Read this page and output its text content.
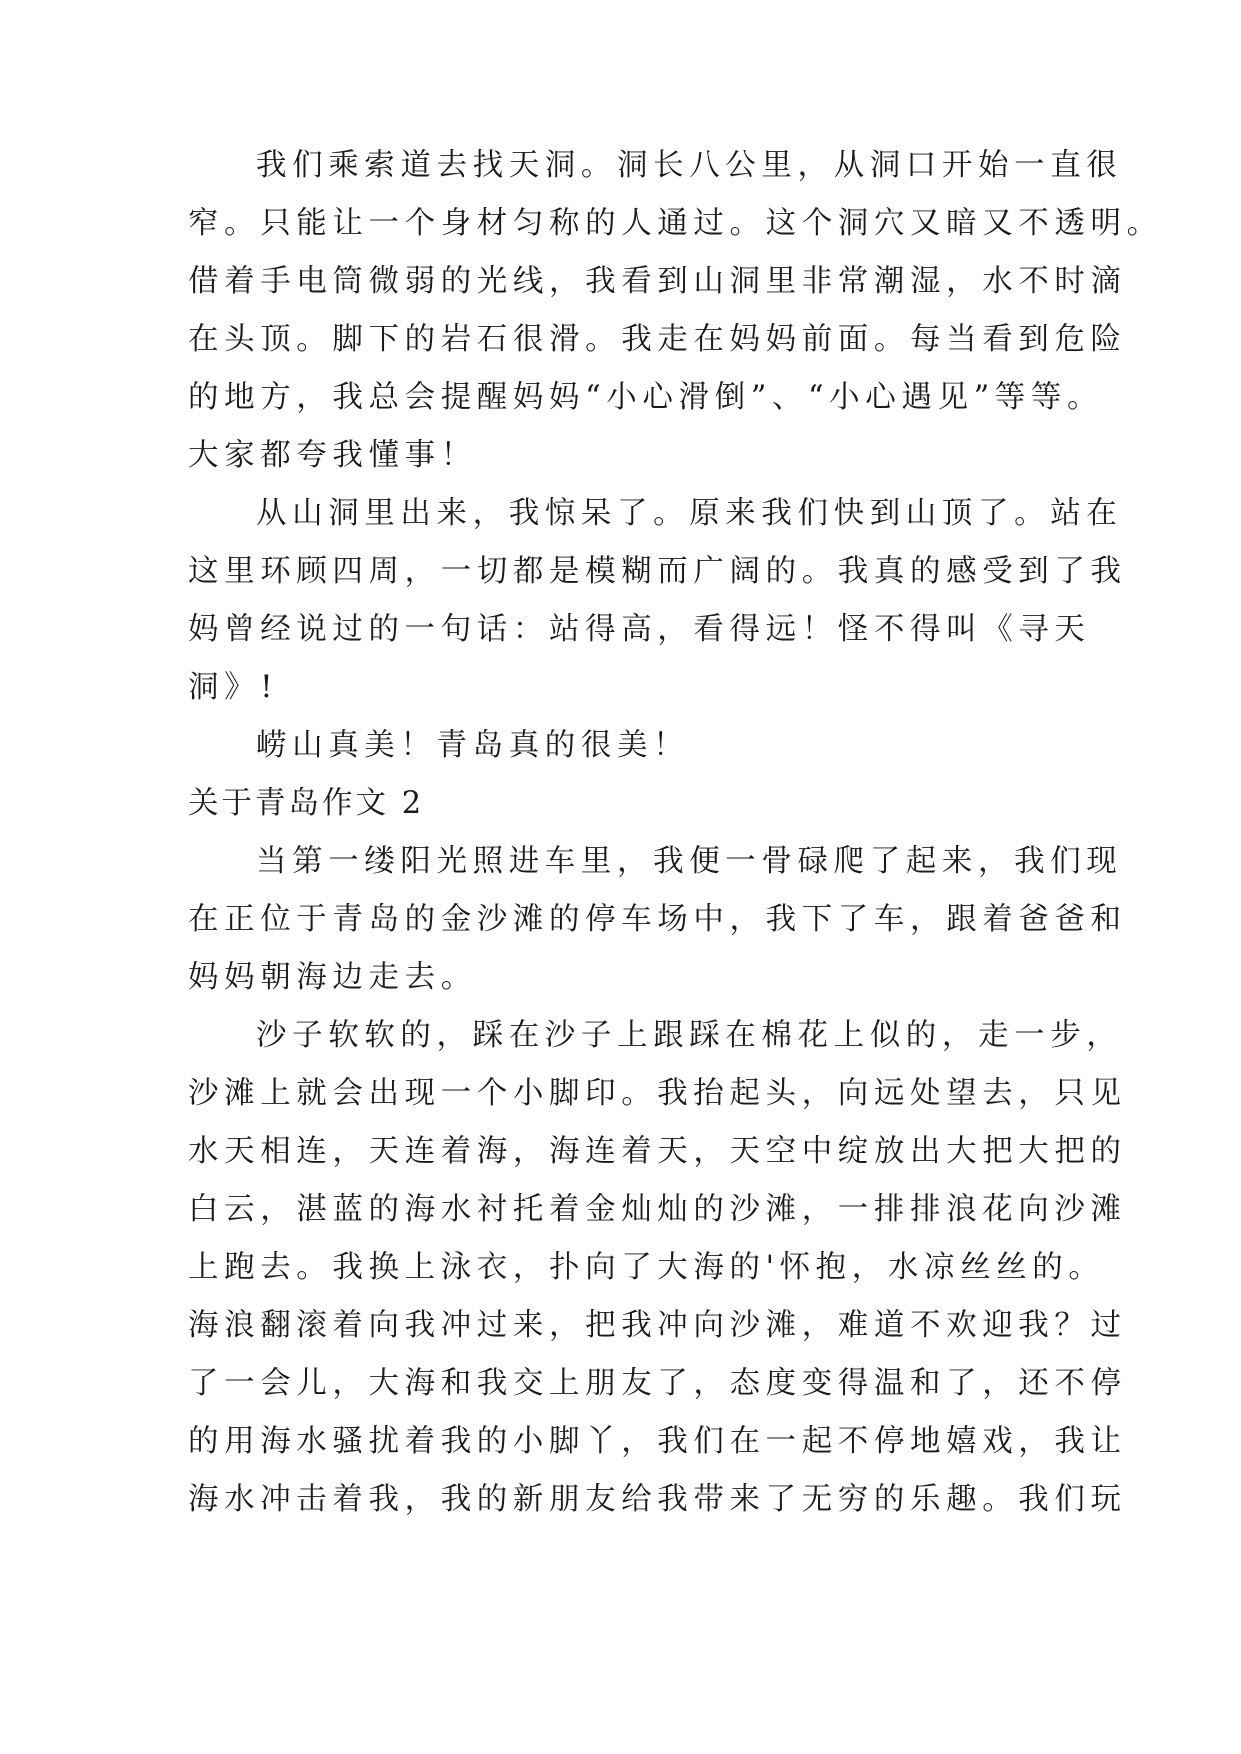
我们乘索道去找天洞。洞长八公里，从洞口开始一直很

窄。只能让一个身材匀称的人通过。这个洞穴又暗又不透明。

借着手电筒微弱的光线，我看到山洞里非常潮湿，水不时滴

在头顶。脚下的岩石很滑。我走在妈妈前面。每当看到危险

的地方，我总会提醒妈妈“小心滑倒”、“小心遇见”等等。

大家都夸我懂事！

从山洞里出来，我惊呆了。原来我们快到山顶了。站在

这里环顾四周，一切都是模糊而广阔的。我真的感受到了我

妈曾经说过的一句话：站得高，看得远！怪不得叫《寻天

洞》!

崂山真美！青岛真的很美！

关于青岛作文 2

当第一缕阳光照进车里，我便一骨碌爬了起来，我们现

在正位于青岛的金沙滩的停车场中，我下了车，跟着爸爸和

妈妈朝海边走去。

沙子软软的，踩在沙子上跟踩在棉花上似的，走一步，

沙滩上就会出现一个小脚印。我抬起头，向远处望去，只见

水天相连，天连着海，海连着天，天空中绽放出大把大把的

白云，湛蓝的海水衬托着金灿灿的沙滩，一排排浪花向沙滩

上跑去。我换上泳衣，扑向了大海的'怀抱，水凉丝丝的。

海浪翻滚着向我冲过来，把我冲向沙滩，难道不欢迎我？过

了一会儿，大海和我交上朋友了，态度变得温和了，还不停

的用海水骚扰着我的小脚丫，我们在一起不停地嬉戏，我让

海水冲击着我，我的新朋友给我带来了无穷的乐趣。我们玩
